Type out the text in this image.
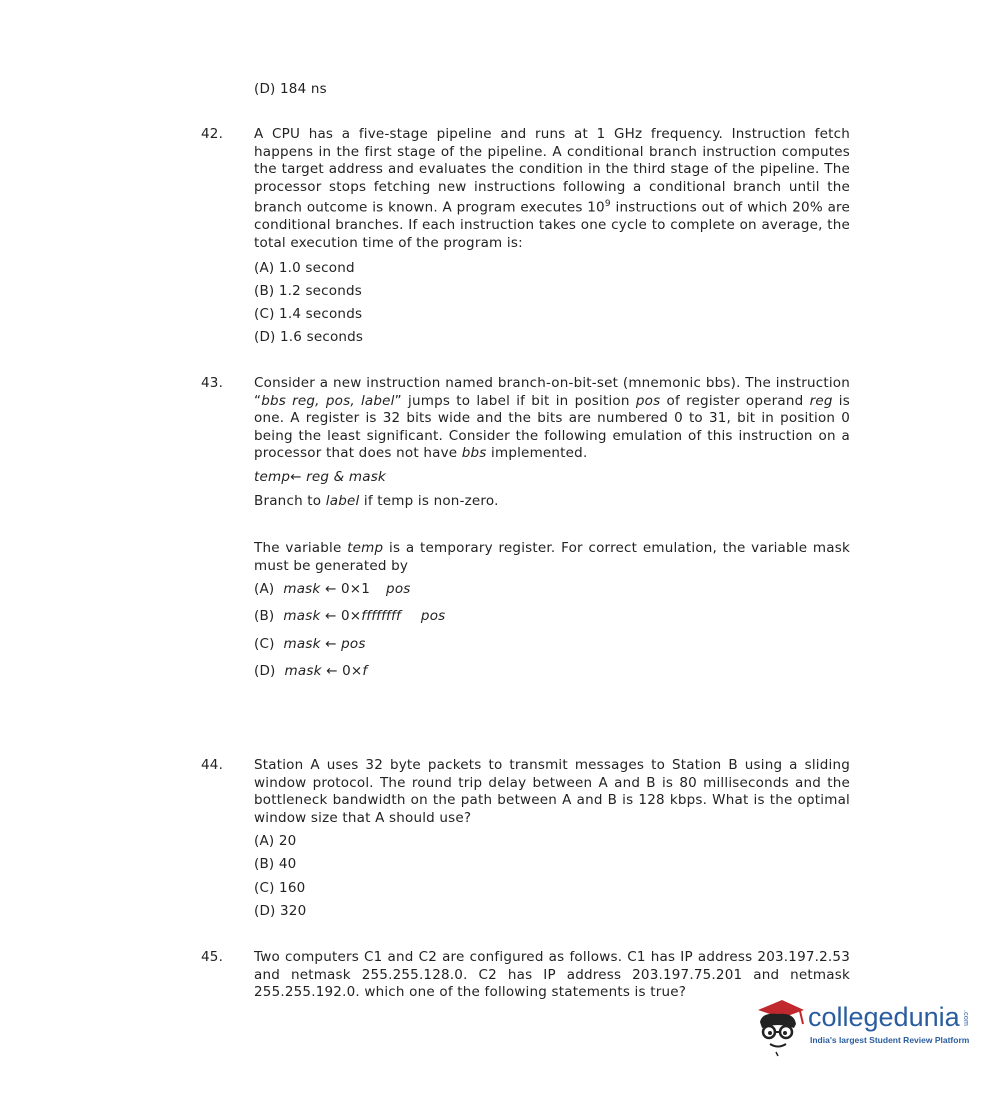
(D) 184 ns
42. A CPU has a five-stage pipeline and runs at 1 GHz frequency. Instruction fetch happens in the first stage of the pipeline. A conditional branch instruction computes the target address and evaluates the condition in the third stage of the pipeline. The processor stops fetching new instructions following a conditional branch until the branch outcome is known. A program executes $10^9$ instructions out of which 20% are conditional branches. If each instruction takes one cycle to complete on average, the total execution time of the program is:
(A) 1.0 second
(B) 1.2 seconds
(C) 1.4 seconds
(D) 1.6 seconds
43. Consider a new instruction named branch-on-bit-set (mnemonic bbs). The instruction “bbs reg, pos, label” jumps to label if bit in position pos of register operand reg is one. A register is 32 bits wide and the bits are numbered 0 to 31, bit in position 0 being the least significant. Consider the following emulation of this instruction on a processor that does not have bbs implemented.
temp← reg & mask
Branch to label if temp is non-zero.
The variable temp is a temporary register. For correct emulation, the variable mask must be generated by
(A) mask ← 0×1 pos
(B) mask ← 0×ffffffff pos
(C) mask ← pos
(D) mask ← 0×f
44. Station A uses 32 byte packets to transmit messages to Station B using a sliding window protocol. The round trip delay between A and B is 80 milliseconds and the bottleneck bandwidth on the path between A and B is 128 kbps. What is the optimal window size that A should use?
(A) 20
(B) 40
(C) 160
(D) 320
45. Two computers C1 and C2 are configured as follows. C1 has IP address 203.197.2.53 and netmask 255.255.128.0. C2 has IP address 203.197.75.201 and netmask 255.255.192.0. which one of the following statements is true?
collegedunia .com
India's largest Student Review Platform
